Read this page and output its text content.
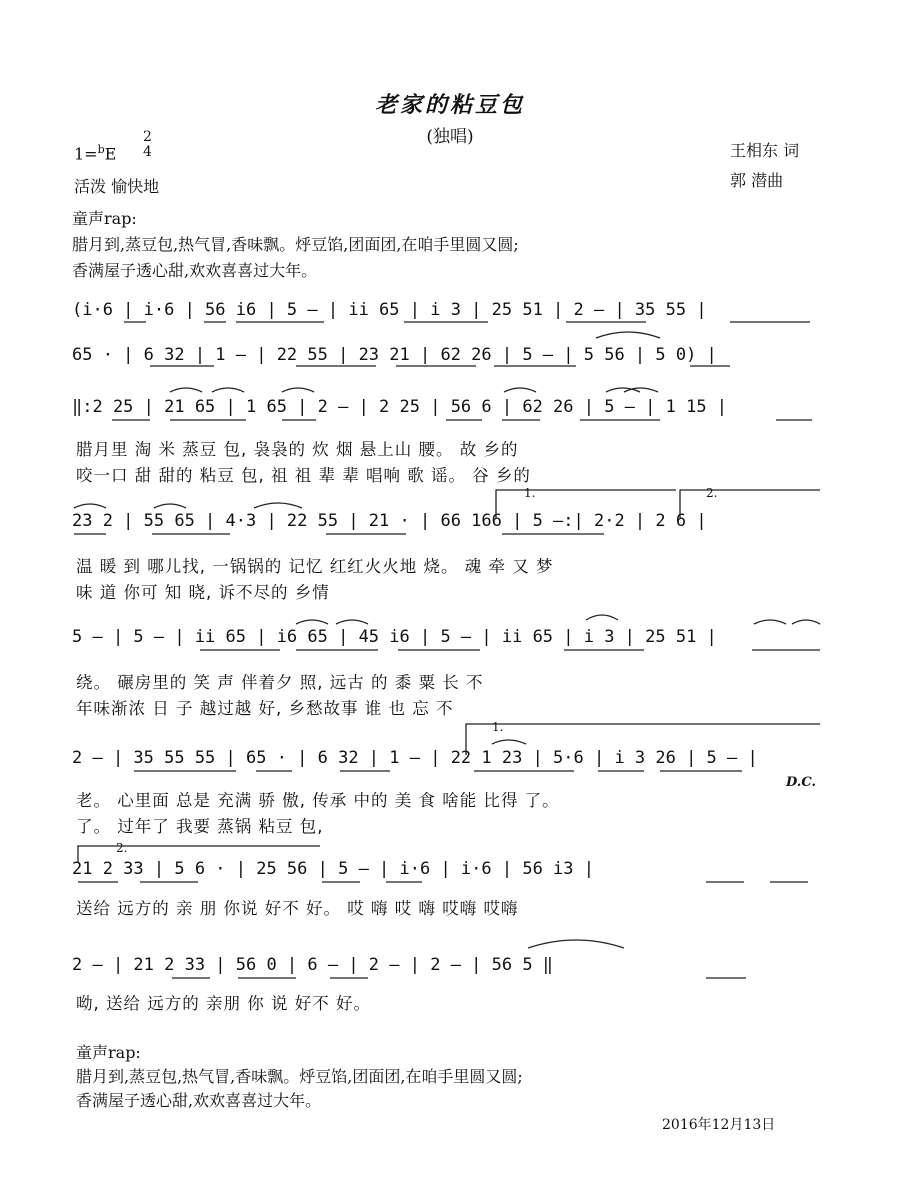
老家的粘豆包
(独唱)
1=$^b$E
2
4
活泼 愉快地
王相东 词
郭 潜曲
童声rap:
腊月到,蒸豆包,热气冒,香味飘。烀豆馅,团面团,在咱手里圆又圆;
香满屋子透心甜,欢欢喜喜过大年。
(i·6 | i·6 | 56 i6 | 5 — | ii 65 | i 3 | 25 51 | 2 — | 35 55 |
65 · | 6 32 | 1 — | 22 55 | 23 21 | 62 26 | 5 — | 5 56 | 5 0) |
‖:2 25 | 21 65 | 1 65 | 2 — | 2 25 | 56 6 | 62 26 | 5 — | 1 15 |
腊月里 淘 米 蒸豆 包, 袅袅的 炊 烟 悬上山 腰。 故 乡的
咬一口 甜 甜的 粘豆 包, 祖 祖 辈 辈 唱响 歌 谣。 谷 乡的
23 2 | 55 65 | 4·3 | 22 55 | 21 · | 66 166 | 5 —:| 2·2 | 2 6 |
温 暖 到 哪儿找, 一锅锅的 记忆 红红火火地 烧。 魂 牵 又 梦
味 道 你可 知 晓, 诉不尽的 乡情
5 — | 5 — | ii 65 | i6 65 | 45 i6 | 5 — | ii 65 | i 3 | 25 51 |
绕。 碾房里的 笑 声 伴着夕 照, 远古 的 黍 粟 长 不
年味渐浓 日 子 越过越 好, 乡愁故事 谁 也 忘 不
2 — | 35 55 55 | 65 · | 6 32 | 1 — | 22 1 23 | 5·6 | i 3 26 | 5 — |
老。 心里面 总是 充满 骄 傲, 传承 中的 美 食 啥能 比得 了。
了。 过年了 我要 蒸锅 粘豆 包,
D.C.
21 2 33 | 5 6 · | 25 56 | 5 — | i·6 | i·6 | 56 i3 |
送给 远方的 亲 朋 你说 好不 好。 哎 嗨 哎 嗨 哎嗨 哎嗨
2 — | 21 2 33 | 56 0 | 6 — | 2 — | 2 — | 56 5 ‖
呦, 送给 远方的 亲朋 你 说 好不 好。
1.	2.
1.
2.
童声rap:
腊月到,蒸豆包,热气冒,香味飘。烀豆馅,团面团,在咱手里圆又圆;
香满屋子透心甜,欢欢喜喜过大年。
2016年12月13日
